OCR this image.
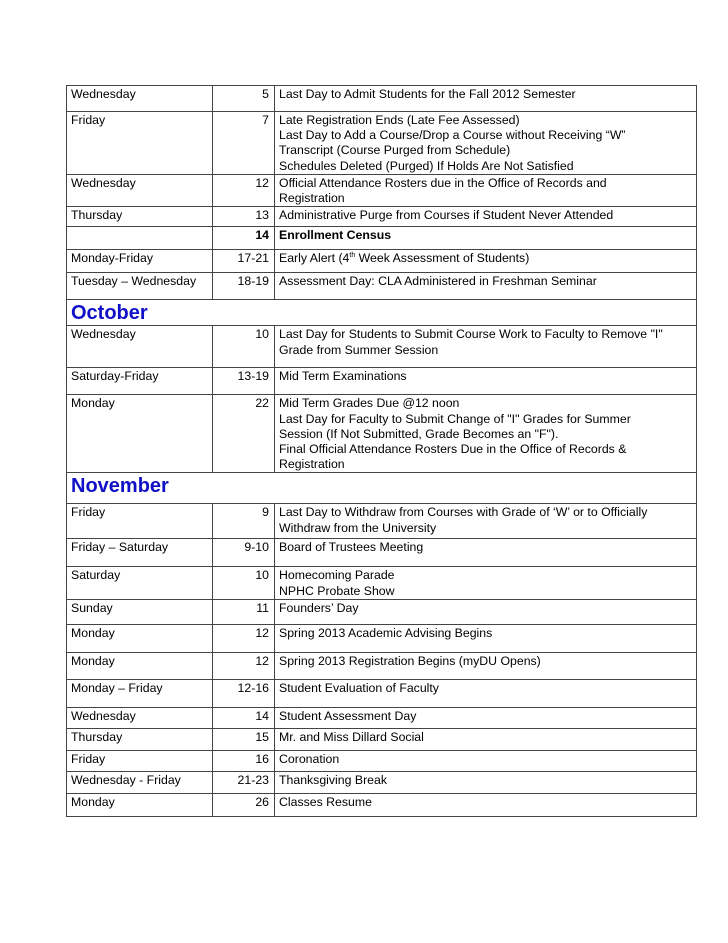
Wednesday	5	Last Day to Admit Students for the Fall 2012 Semester

Friday	7	Late Registration Ends (Late Fee Assessed)
Last Day to Add a Course/Drop a Course without Receiving “W”
Transcript (Course Purged from Schedule)
Schedules Deleted (Purged) If Holds Are Not Satisfied

Wednesday	12	Official Attendance Rosters due in the Office of Records and
Registration

Thursday	13	Administrative Purge from Courses if Student Never Attended

	14	Enrollment Census

Monday-Friday	17-21	Early Alert (4th Week Assessment of Students)

Tuesday – Wednesday	18-19	Assessment Day: CLA Administered in Freshman Seminar

October		
Wednesday	10	Last Day for Students to Submit Course Work to Faculty to Remove "I"
Grade from Summer Session

Saturday-Friday	13-19	Mid Term Examinations

Monday	22	Mid Term Grades Due @12 noon
Last Day for Faculty to Submit Change of "I" Grades for Summer
Session (If Not Submitted, Grade Becomes an "F").
Final Official Attendance Rosters Due in the Office of Records &
Registration

November		
Friday	9	Last Day to Withdraw from Courses with Grade of ‘W’ or to Officially
Withdraw from the University

Friday – Saturday	9-10	Board of Trustees Meeting

Saturday	10	Homecoming Parade
NPHC Probate Show

Sunday	11	Founders’ Day

Monday	12	Spring 2013 Academic Advising Begins

Monday	12	Spring 2013 Registration Begins (myDU Opens)

Monday – Friday	12-16	Student Evaluation of Faculty

Wednesday	14	Student Assessment Day

Thursday	15	Mr. and Miss Dillard Social

Friday	16	Coronation

Wednesday - Friday	21-23	Thanksgiving Break

Monday	26	Classes Resume
